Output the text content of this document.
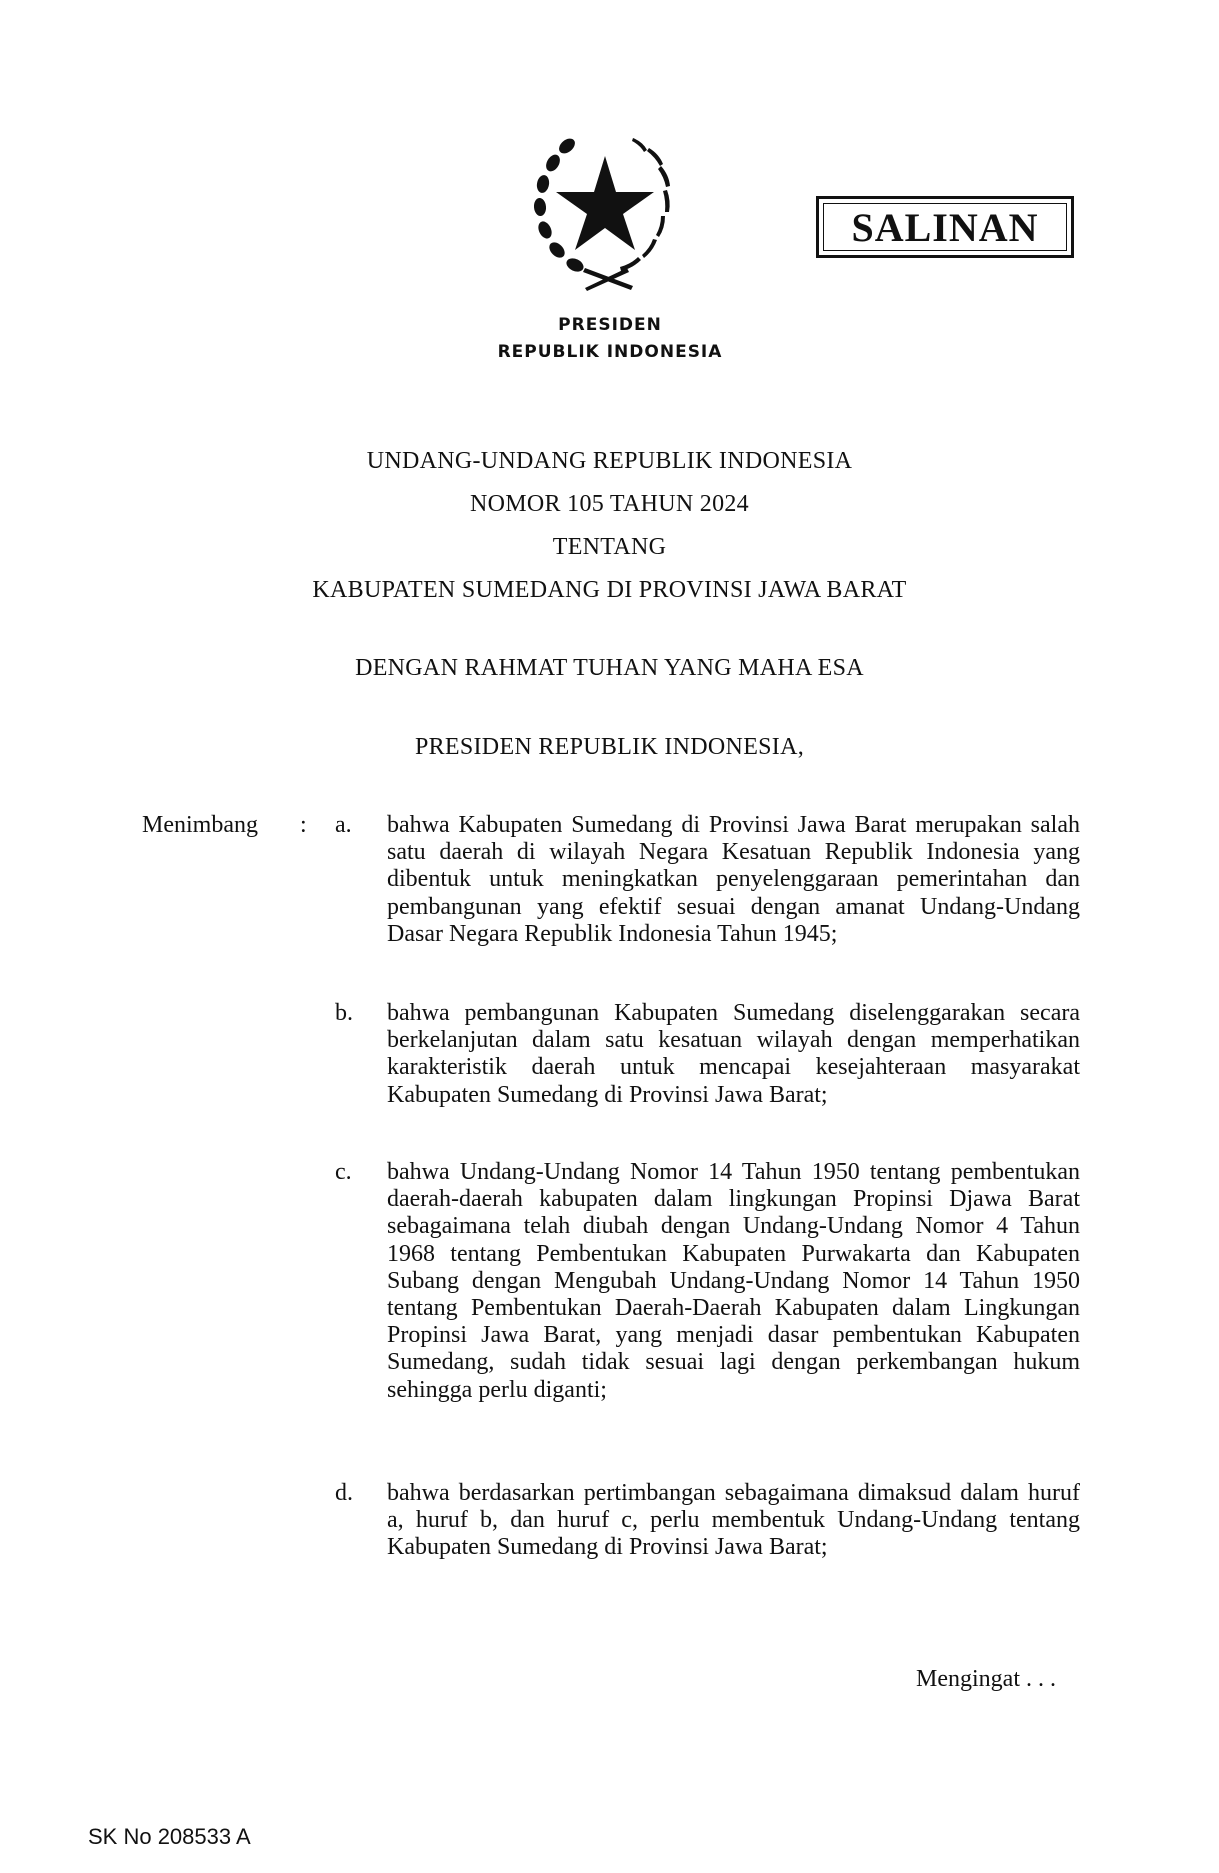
SALINAN
PRESIDEN
REPUBLIK INDONESIA
UNDANG-UNDANG REPUBLIK INDONESIA
NOMOR 105 TAHUN 2024
TENTANG
KABUPATEN SUMEDANG DI PROVINSI JAWA BARAT
DENGAN RAHMAT TUHAN YANG MAHA ESA
PRESIDEN REPUBLIK INDONESIA,
Menimbang : a. bahwa Kabupaten Sumedang di Provinsi Jawa Barat merupakan salah satu daerah di wilayah Negara Kesatuan Republik Indonesia yang dibentuk untuk meningkatkan penyelenggaraan pemerintahan dan pembangunan yang efektif sesuai dengan amanat Undang-Undang Dasar Negara Republik Indonesia Tahun 1945;
b. bahwa pembangunan Kabupaten Sumedang diselenggarakan secara berkelanjutan dalam satu kesatuan wilayah dengan memperhatikan karakteristik daerah untuk mencapai kesejahteraan masyarakat Kabupaten Sumedang di Provinsi Jawa Barat;
c. bahwa Undang-Undang Nomor 14 Tahun 1950 tentang pembentukan daerah-daerah kabupaten dalam lingkungan Propinsi Djawa Barat sebagaimana telah diubah dengan Undang-Undang Nomor 4 Tahun 1968 tentang Pembentukan Kabupaten Purwakarta dan Kabupaten Subang dengan Mengubah Undang-Undang Nomor 14 Tahun 1950 tentang Pembentukan Daerah-Daerah Kabupaten dalam Lingkungan Propinsi Jawa Barat, yang menjadi dasar pembentukan Kabupaten Sumedang, sudah tidak sesuai lagi dengan perkembangan hukum sehingga perlu diganti;
d. bahwa berdasarkan pertimbangan sebagaimana dimaksud dalam huruf a, huruf b, dan huruf c, perlu membentuk Undang-Undang tentang Kabupaten Sumedang di Provinsi Jawa Barat;
Mengingat . . .
SK No 208533 A
